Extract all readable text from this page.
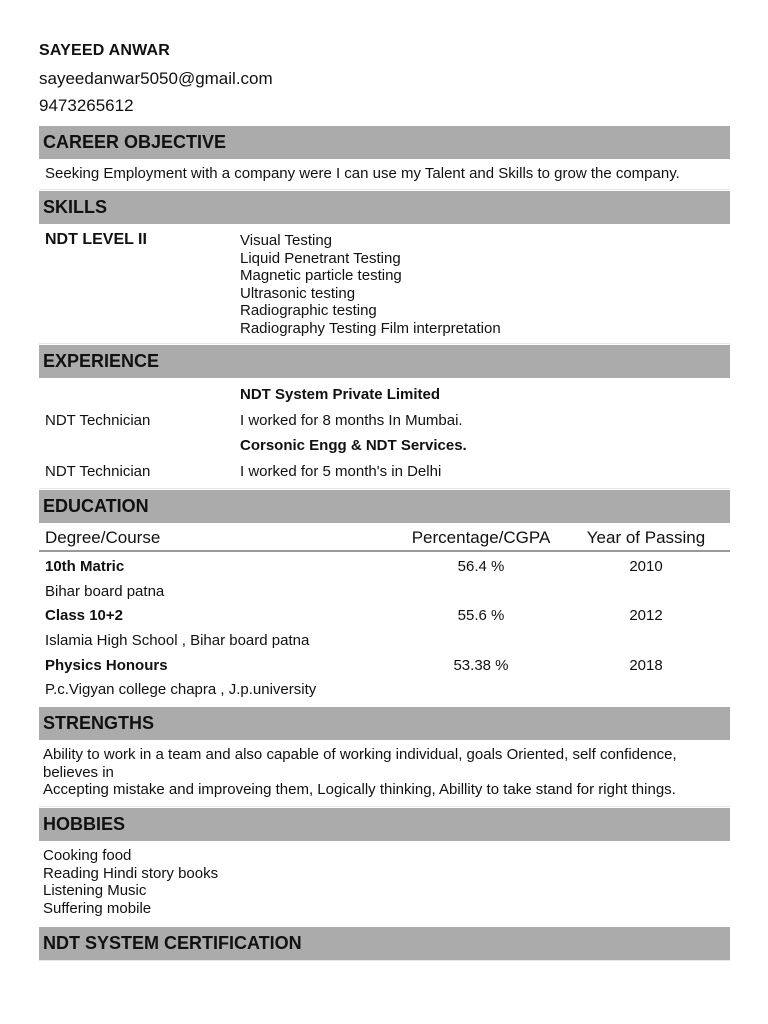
SAYEED ANWAR
sayeedanwar5050@gmail.com
9473265612
CAREER OBJECTIVE
Seeking Employment with a company were I can use my Talent and Skills to grow the company.
SKILLS
NDT LEVEL II	Visual Testing
Liquid Penetrant Testing
Magnetic particle testing
Ultrasonic testing
Radiographic testing
Radiography Testing Film interpretation
EXPERIENCE
NDT System Private Limited
NDT Technician	I worked for 8 months In Mumbai.
Corsonic Engg & NDT Services.
NDT Technician	I worked for 5 month's in Delhi
EDUCATION
Degree/Course	Percentage/CGPA	Year of Passing
10th Matric	56.4 %	2010
Bihar board patna
Class 10+2	55.6 %	2012
Islamia High School , Bihar board patna
Physics Honours	53.38 %	2018
P.c.Vigyan college chapra , J.p.university
STRENGTHS
Ability to work in a team and also capable of working individual, goals Oriented, self confidence,
believes in
Accepting mistake and improveing them, Logically thinking, Abillity to take stand for right things.
HOBBIES
Cooking food
Reading Hindi story books
Listening Music
Suffering mobile
NDT SYSTEM CERTIFICATION
